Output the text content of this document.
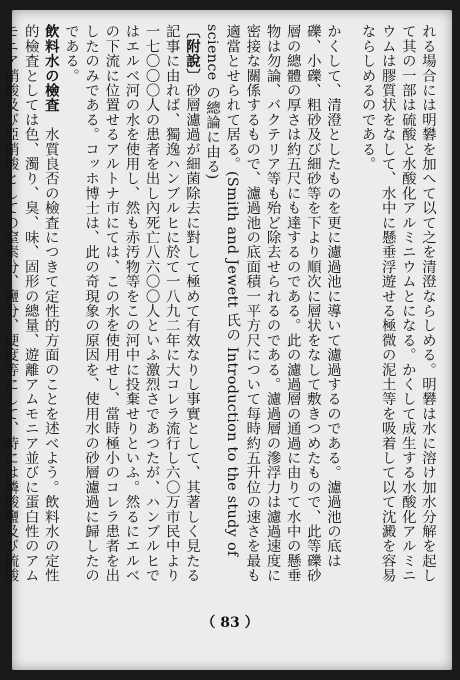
れる場合には明礬を加へて以て之を清澄ならしめる。明礬は水に溶け加水分解を起して其の一部は硫酸と水酸化アルミニウムとになる。かくして成生する水酸化アルミニウムは膠質状をなして、水中に懸垂浮遊せる極微の泥土等を吸着して以て沈澱を容易ならしめるのである。
かくして、清澄としたものを更に濾過池に導いて濾過するのである。濾過池の底は礫、小礫、粗砂及び細砂等を下より順次に層状をなして敷きつめたもので、此等礫砂層の總體の厚さは約五尺にも達するのである。此の濾過層の通過に由りて水中の懸垂物は勿論、バクテリア等も殆ど除去せられるのである。濾過層の滲浮力は濾過速度に密接な關係するもので、濾過池の底面積一平方尺について每時約五升位の速さを最も適當とせられて居る。(Smith and Jewett 氏の Introduction to the study of science の總論に由る)
〔附說〕砂層濾過が細菌除去に對して極めて有效なりし事實として、其著しく見たる記事に由れば、獨逸ハンブルヒに於て一八九二年に大コレラ流行し六〇万市民中より一七〇〇〇人の患者を出し內死亡八六〇〇人といふ激烈さであつたが、ハンブルヒではエルベ河の水を使用し、然も赤汚物等をこの河中に投棄せりといふ。然るにエルベの下流に位置せるアルトナ市にては、この水を使用せし、當時極小のコレラ患者を出したのみである。コッホ博士は、此の奇現象の原因を、使用水の砂層濾過に歸したのである。
飲料水の檢査　水質良否の檢査につきて定性的方面のことを述べよう。飲料水の定性的檢査としては色、濁り、臭、味、固形の總量、遊離アムモニア並びに蛋白性のアムモニア硝酸及び亞硝酸としての窒素分、鹽分、硬度等にして、時には燐酸鹽及び硫酸
（ 83 ）
